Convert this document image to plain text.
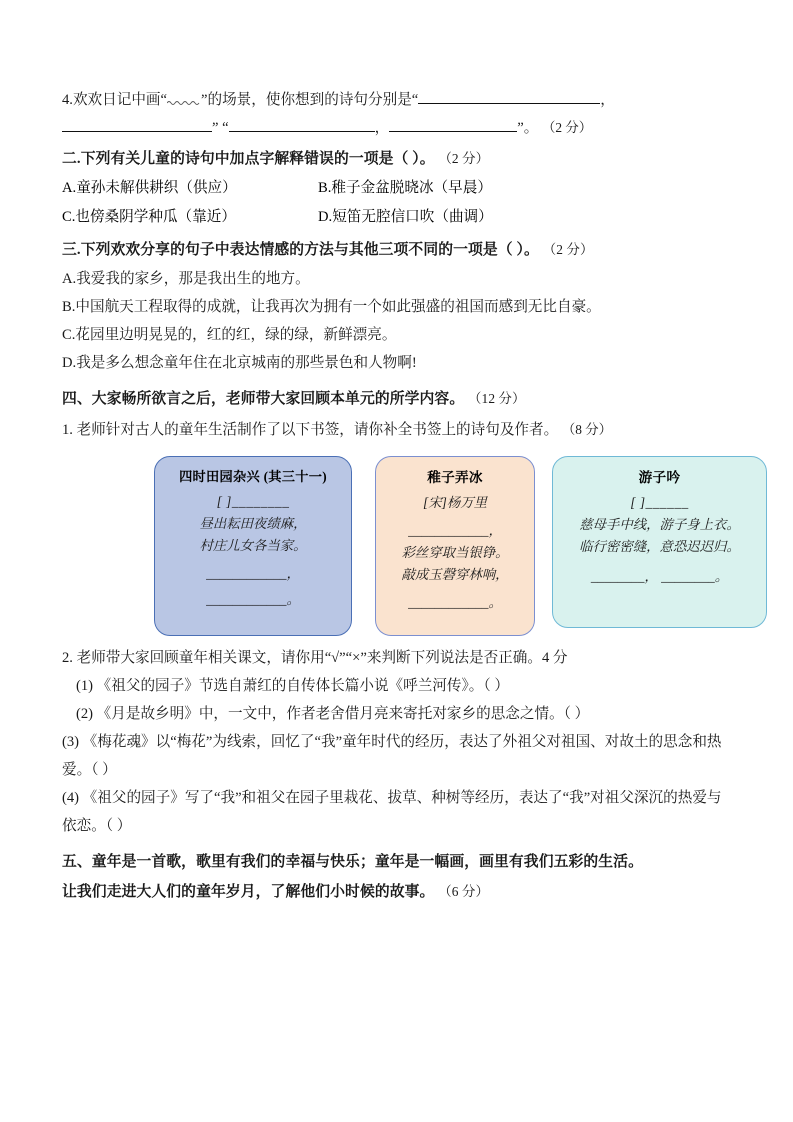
4.欢欢日记中画“ ”的场景，使你想到的诗句分别是“	，
” “	，	”。 （2 分）
二.下列有关儿童的诗句中加点字解释错误的一项是（ ）。 （2 分）
A.童孙未解供耕织（供应）	B.稚子金盆脱晓冰（早晨）
C.也傍桑阴学种瓜（靠近）	D.短笛无腔信口吹（曲调）
三.下列欢欢分享的句子中表达情感的方法与其他三项不同的一项是（ ）。 （2 分）
A.我爱我的家乡，那是我出生的地方。
B.中国航天工程取得的成就，让我再次为拥有一个如此强盛的祖国而感到无比自豪。
C.花园里边明晃晃的，红的红，绿的绿，新鲜漂亮。
D.我是多么想念童年住在北京城南的那些景色和人物啊!
四、大家畅所欲言之后，老师带大家回顾本单元的所学内容。 （12 分）
1. 老师针对古人的童年生活制作了以下书签，请你补全书签上的诗句及作者。 （8 分）
四时田园杂兴 (其三十一)
[ ]________
昼出耘田夜绩麻，
村庄儿女各当家。
____________，
____________。
稚子弄冰
[宋]杨万里
____________，
彩丝穿取当银铮。
敲成玉磬穿林响，
____________。
游子吟
[ ]______
慈母手中线，游子身上衣。
临行密密缝，意恐迟迟归。
________， ________。
2. 老师带大家回顾童年相关课文，请你用“√”“×”来判断下列说法是否正确。4 分
(1) 《祖父的园子》节选自萧红的自传体长篇小说《呼兰河传》。（ ）
(2) 《月是故乡明》中，一文中，作者老舍借月亮来寄托对家乡的思念之情。（ ）
(3) 《梅花魂》以“梅花”为线索，回忆了“我”童年时代的经历，表达了外祖父对祖国、对故土的思念和热爱。（ ）
(4) 《祖父的园子》写了“我”和祖父在园子里栽花、拔草、种树等经历，表达了“我”对祖父深沉的热爱与依恋。（ ）
五、童年是一首歌，歌里有我们的幸福与快乐；童年是一幅画，画里有我们五彩的生活。
让我们走进大人们的童年岁月，了解他们小时候的故事。 （6 分）
